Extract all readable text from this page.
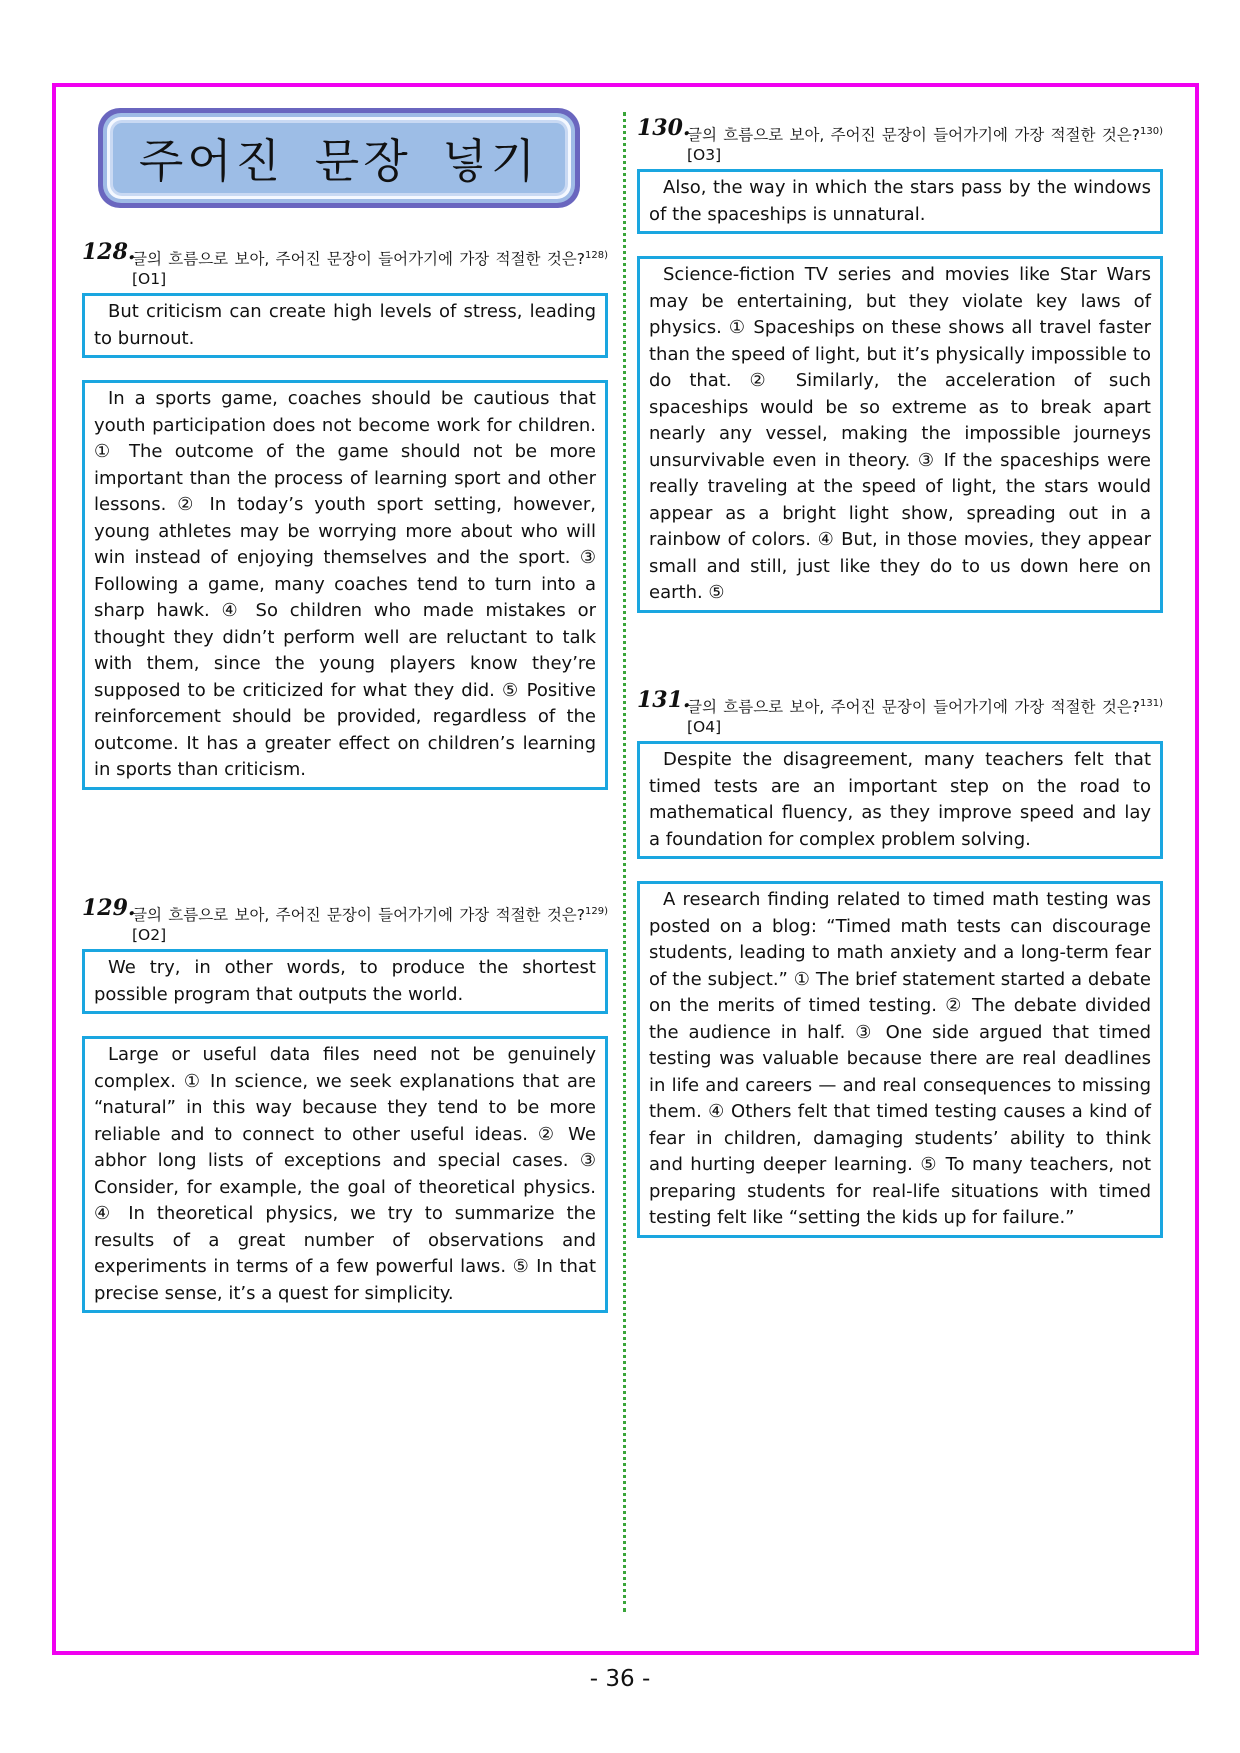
주어진 문장 넣기
128.
글의 흐름으로 보아, 주어진 문장이 들어가기에 가장 적절한 것은?$^{128)}$[O1]
But criticism can create high levels of stress, leading to burnout.
In a sports game, coaches should be cautious that youth participation does not become work for children. ① The outcome of the game should not be more important than the process of learning sport and other lessons. ② In today’s youth sport setting, however, young athletes may be worrying more about who will win instead of enjoying themselves and the sport. ③ Following a game, many coaches tend to turn into a sharp hawk. ④ So children who made mistakes or thought they didn’t perform well are reluctant to talk with them, since the young players know they’re supposed to be criticized for what they did. ⑤ Positive reinforcement should be provided, regardless of the outcome. It has a greater effect on children’s learning in sports than criticism.
129.
글의 흐름으로 보아, 주어진 문장이 들어가기에 가장 적절한 것은?$^{129)}$[O2]
We try, in other words, to produce the shortest possible program that outputs the world.
Large or useful data files need not be genuinely complex. ① In science, we seek explanations that are “natural” in this way because they tend to be more reliable and to connect to other useful ideas. ② We abhor long lists of exceptions and special cases. ③ Consider, for example, the goal of theoretical physics. ④ In theoretical physics, we try to summarize the results of a great number of observations and experiments in terms of a few powerful laws. ⑤ In that precise sense, it’s a quest for simplicity.
130.
글의 흐름으로 보아, 주어진 문장이 들어가기에 가장 적절한 것은?$^{130)}$[O3]
Also, the way in which the stars pass by the windows of the spaceships is unnatural.
Science-fiction TV series and movies like Star Wars may be entertaining, but they violate key laws of physics. ① Spaceships on these shows all travel faster than the speed of light, but it’s physically impossible to do that. ② Similarly, the acceleration of such spaceships would be so extreme as to break apart nearly any vessel, making the impossible journeys unsurvivable even in theory. ③ If the spaceships were really traveling at the speed of light, the stars would appear as a bright light show, spreading out in a rainbow of colors. ④ But, in those movies, they appear small and still, just like they do to us down here on earth. ⑤
131.
글의 흐름으로 보아, 주어진 문장이 들어가기에 가장 적절한 것은?$^{131)}$[O4]
Despite the disagreement, many teachers felt that timed tests are an important step on the road to mathematical fluency, as they improve speed and lay a foundation for complex problem solving.
A research finding related to timed math testing was posted on a blog: “Timed math tests can discourage students, leading to math anxiety and a long-term fear of the subject.” ① The brief statement started a debate on the merits of timed testing. ② The debate divided the audience in half. ③ One side argued that timed testing was valuable because there are real deadlines in life and careers — and real consequences to missing them. ④ Others felt that timed testing causes a kind of fear in children, damaging students’ ability to think and hurting deeper learning. ⑤ To many teachers, not preparing students for real-life situations with timed testing felt like “setting the kids up for failure.”
- 36 -
